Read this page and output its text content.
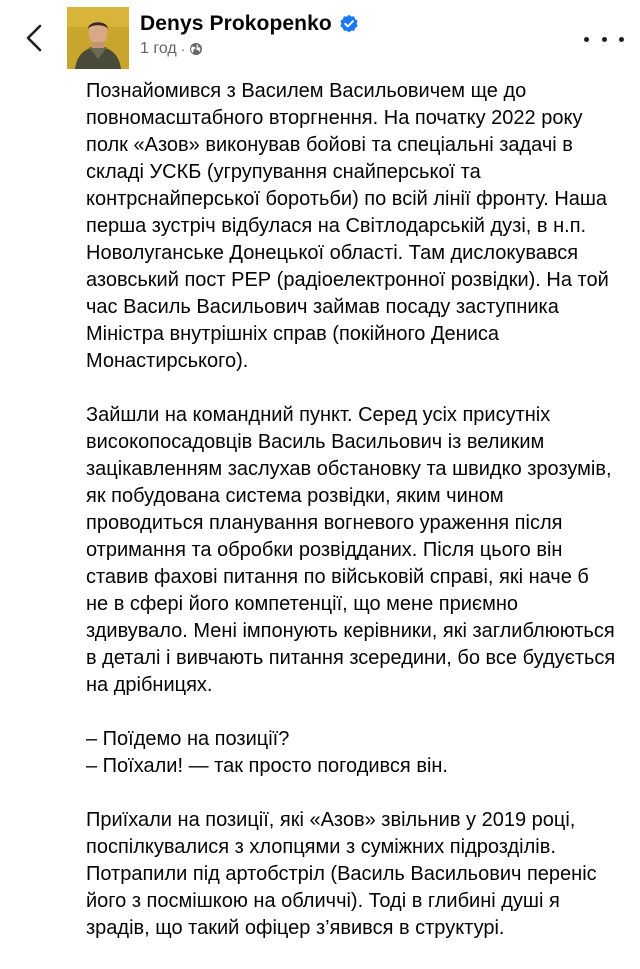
Denys Prokopenko
1 год ·

Познайомився з Василем Васильовичем ще до повномасштабного вторгнення. На початку 2022 року полк «Азов» виконував бойові та спеціальні задачі в складі УСКБ (угрупування снайперської та контрснайперської боротьби) по всій лінії фронту. Наша перша зустріч відбулася на Світлодарській дузі, в н.п. Новолуганське Донецької області. Там дислокувався азовський пост РЕР (радіоелектронної розвідки). На той час Василь Васильович займав посаду заступника Міністра внутрішніх справ (покійного Дениса Монастирського).

Зайшли на командний пункт. Серед усіх присутніх високопосадовців Василь Васильович із великим зацікавленням заслухав обстановку та швидко зрозумів, як побудована система розвідки, яким чином проводиться планування вогневого ураження після отримання та обробки розвідданих. Після цього він ставив фахові питання по військовій справі, які наче б не в сфері його компетенції, що мене приємно здивувало. Мені імпонують керівники, які заглиблюються в деталі і вивчають питання зсередини, бо все будується на дрібницях.

– Поїдемо на позиції?

– Поїхали! — так просто погодився він.

Приїхали на позиції, які «Азов» звільнив у 2019 році, поспілкувалися з хлопцями з суміжних підрозділів. Потрапили під артобстріл (Василь Васильович переніс його з посмішкою на обличчі). Тоді в глибині душі я зрадів, що такий офіцер з’явився в структурі.
